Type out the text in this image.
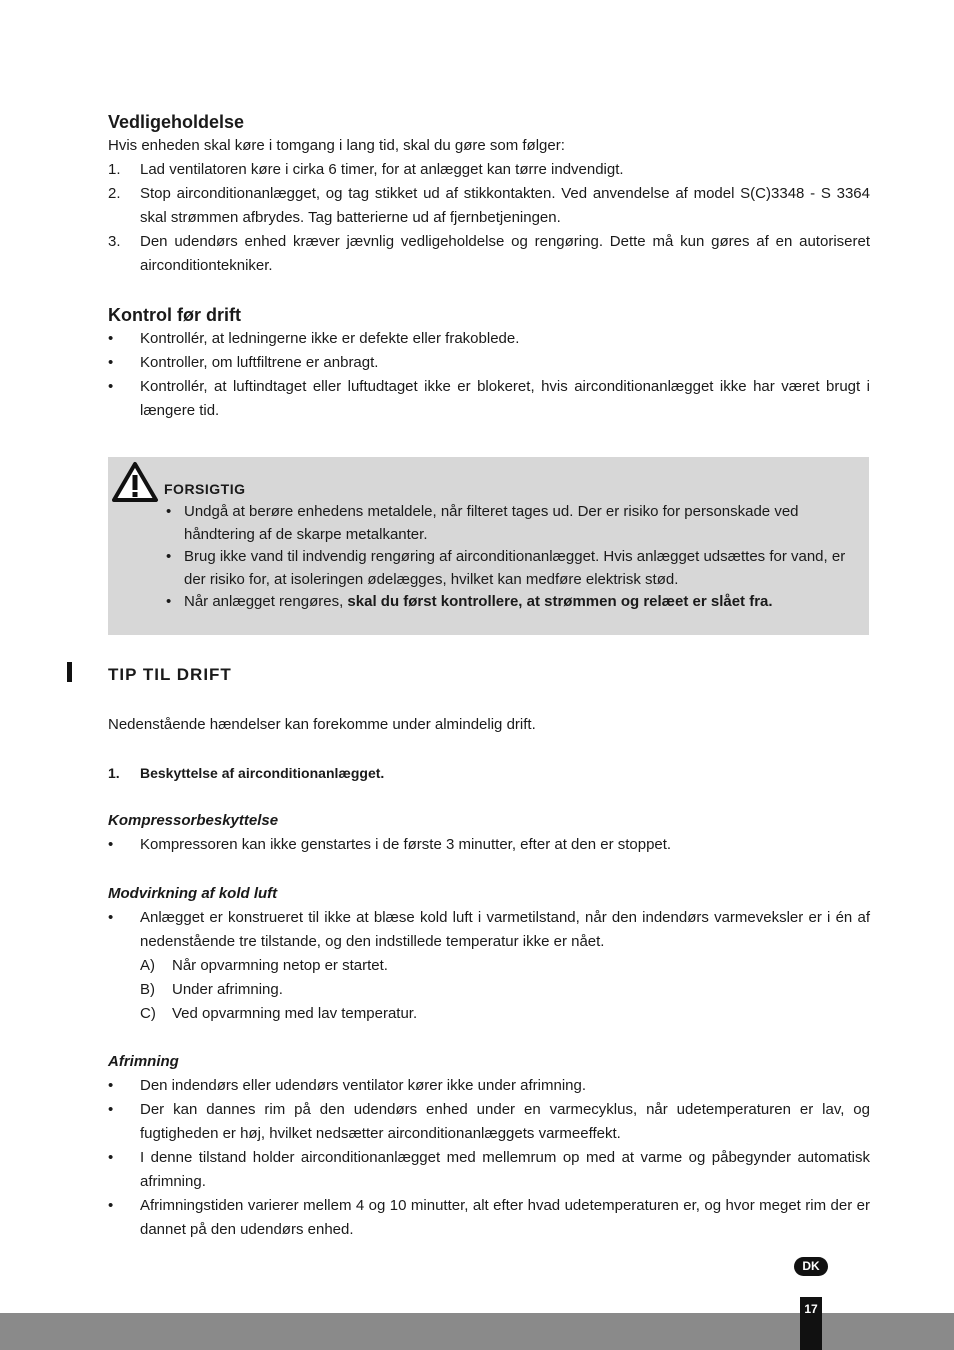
Vedligeholdelse

Hvis enheden skal køre i tomgang i lang tid, skal du gøre som følger:

1. Lad ventilatoren køre i cirka 6 timer, for at anlægget kan tørre indvendigt.
2. Stop airconditionanlægget, og tag stikket ud af stikkontakten. Ved anvendelse af model S(C)3348 - S 3364 skal strømmen afbrydes. Tag batterierne ud af fjernbetjeningen.
3. Den udendørs enhed kræver jævnlig vedligeholdelse og rengøring. Dette må kun gøres af en autoriseret airconditiontekniker.

Kontrol før drift

• Kontrollér, at ledningerne ikke er defekte eller frakoblede.
• Kontroller, om luftfiltrene er anbragt.
• Kontrollér, at luftindtaget eller luftudtaget ikke er blokeret, hvis airconditionanlægget ikke har været brugt i længere tid.

TIP TIL DRIFT

Nedenstående hændelser kan forekomme under almindelig drift.

1. Beskyttelse af airconditionanlægget.

Kompressorbeskyttelse

• Kompressoren kan ikke genstartes i de første 3 minutter, efter at den er stoppet.

Modvirkning af kold luft

• Anlægget er konstrueret til ikke at blæse kold luft i varmetilstand, når den indendørs varmeveksler er i én af nedenstående tre tilstande, og den indstillede temperatur ikke er nået.
A) Når opvarmning netop er startet.
B) Under afrimning.
C) Ved opvarmning med lav temperatur.

Afrimning

• Den indendørs eller udendørs ventilator kører ikke under afrimning.
• Der kan dannes rim på den udendørs enhed under en varmecyklus, når udetemperaturen er lav, og fugtigheden er høj, hvilket nedsætter airconditionanlæggets varmeeffekt.
• I denne tilstand holder airconditionanlægget med mellemrum op med at varme og påbegynder automatisk afrimning.
• Afrimningstiden varierer mellem 4 og 10 minutter, alt efter hvad udetemperaturen er, og hvor meget rim der er dannet på den udendørs enhed.
FORSIGTIG
• Undgå at berøre enhedens metaldele, når filteret tages ud. Der er risiko for personskade ved håndtering af de skarpe metalkanter.
• Brug ikke vand til indvendig rengøring af airconditionanlægget. Hvis anlægget udsættes for vand, er der risiko for, at isoleringen ødelægges, hvilket kan medføre elektrisk stød.
• Når anlægget rengøres, skal du først kontrollere, at strømmen og relæet er slået fra.
DK
17
